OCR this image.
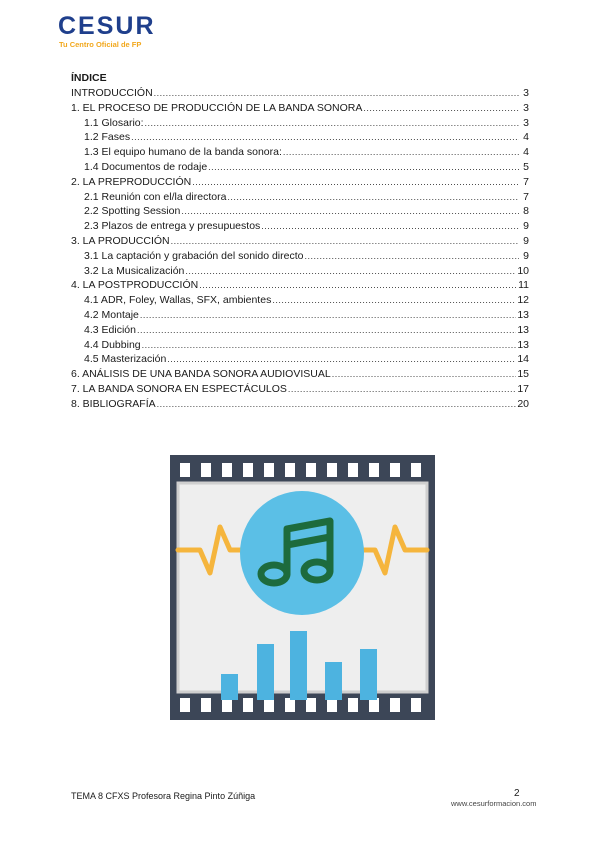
CESUR
Tu Centro Oficial de FP
ÍNDICE
INTRODUCCIÓN .....	3
1. EL PROCESO DE PRODUCCIÓN DE LA BANDA SONORA .....	3
1.1 Glosario: .....	3
1.2 Fases .....	4
1.3 El equipo humano de la banda sonora: .....	4
1.4 Documentos de rodaje .....	5
2. LA PREPRODUCCIÓN .....	7
2.1 Reunión con el/la directora .....	7
2.2 Spotting Session .....	8
2.3 Plazos de entrega y presupuestos .....	9
3. LA PRODUCCIÓN .....	9
3.1 La captación y grabación del sonido directo .....	9
3.2 La Musicalización .....	10
4. LA POSTPRODUCCIÓN .....	11
4.1 ADR, Foley, Wallas, SFX, ambientes .....	12
4.2 Montaje .....	13
4.3 Edición .....	13
4.4 Dubbing .....	13
4.5 Masterización .....	14
6. ANÁLISIS DE UNA BANDA SONORA AUDIOVISUAL .....	15
7. LA BANDA SONORA EN ESPECTÁCULOS .....	17
8. BIBLIOGRAFÍA .....	20
TEMA 8 CFXS Profesora Regina Pinto Zúñiga	2
www.cesurformacion.com
